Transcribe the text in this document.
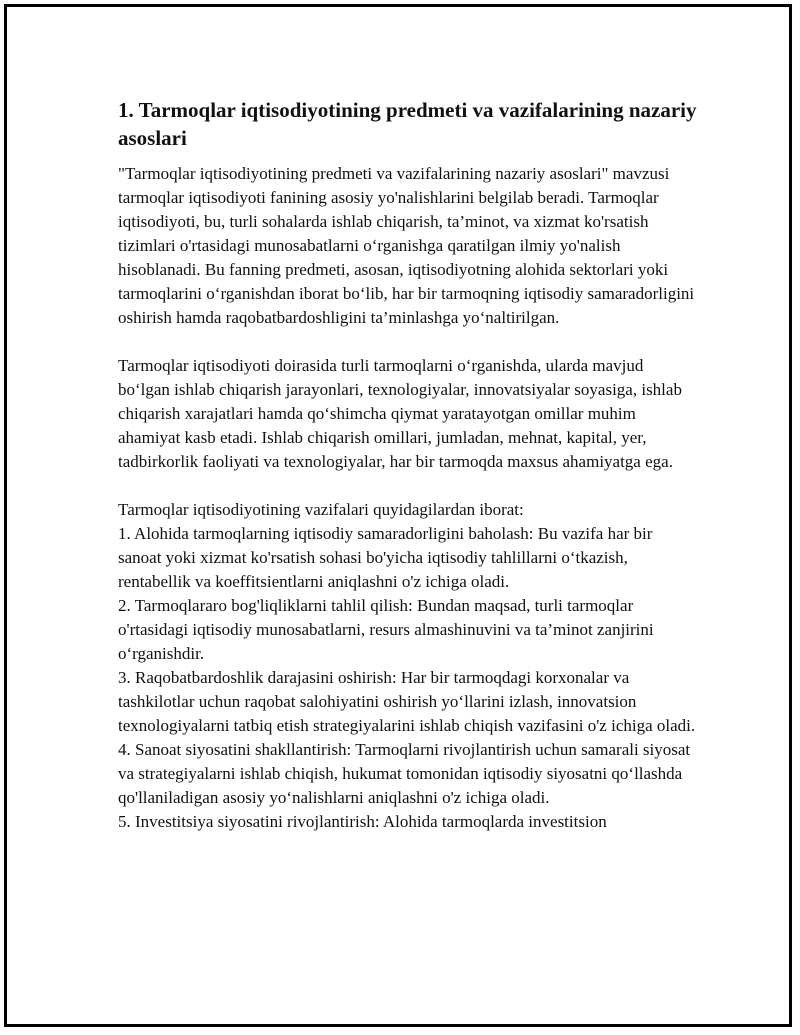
1. Tarmoqlar iqtisodiyotining predmeti va vazifalarining nazariy asoslari

"Tarmoqlar iqtisodiyotining predmeti va vazifalarining nazariy asoslari" mavzusi tarmoqlar iqtisodiyoti fanining asosiy yo'nalishlarini belgilab beradi. Tarmoqlar iqtisodiyoti, bu, turli sohalarda ishlab chiqarish, ta’minot, va xizmat ko'rsatish tizimlari o'rtasidagi munosabatlarni o‘rganishga qaratilgan ilmiy yo'nalish hisoblanadi. Bu fanning predmeti, asosan, iqtisodiyotning alohida sektorlari yoki tarmoqlarini o‘rganishdan iborat bo‘lib, har bir tarmoqning iqtisodiy samaradorligini oshirish hamda raqobatbardoshligini ta’minlashga yo‘naltirilgan.

Tarmoqlar iqtisodiyoti doirasida turli tarmoqlarni o‘rganishda, ularda mavjud bo‘lgan ishlab chiqarish jarayonlari, texnologiyalar, innovatsiyalar soyasiga, ishlab chiqarish xarajatlari hamda qo‘shimcha qiymat yaratayotgan omillar muhim ahamiyat kasb etadi. Ishlab chiqarish omillari, jumladan, mehnat, kapital, yer, tadbirkorlik faoliyati va texnologiyalar, har bir tarmoqda maxsus ahamiyatga ega.

Tarmoqlar iqtisodiyotining vazifalari quyidagilardan iborat:

1. Alohida tarmoqlarning iqtisodiy samaradorligini baholash: Bu vazifa har bir sanoat yoki xizmat ko'rsatish sohasi bo'yicha iqtisodiy tahlillarni o‘tkazish, rentabellik va koeffitsientlarni aniqlashni o'z ichiga oladi.

2. Tarmoqlararo bog'liqliklarni tahlil qilish: Bundan maqsad, turli tarmoqlar o'rtasidagi iqtisodiy munosabatlarni, resurs almashinuvini va ta’minot zanjirini o‘rganishdir.

3. Raqobatbardoshlik darajasini oshirish: Har bir tarmoqdagi korxonalar va tashkilotlar uchun raqobat salohiyatini oshirish yo‘llarini izlash, innovatsion texnologiyalarni tatbiq etish strategiyalarini ishlab chiqish vazifasini o'z ichiga oladi.

4. Sanoat siyosatini shakllantirish: Tarmoqlarni rivojlantirish uchun samarali siyosat va strategiyalarni ishlab chiqish, hukumat tomonidan iqtisodiy siyosatni qo‘llashda qo'llaniladigan asosiy yo‘nalishlarni aniqlashni o'z ichiga oladi.

5. Investitsiya siyosatini rivojlantirish: Alohida tarmoqlarda investitsion
